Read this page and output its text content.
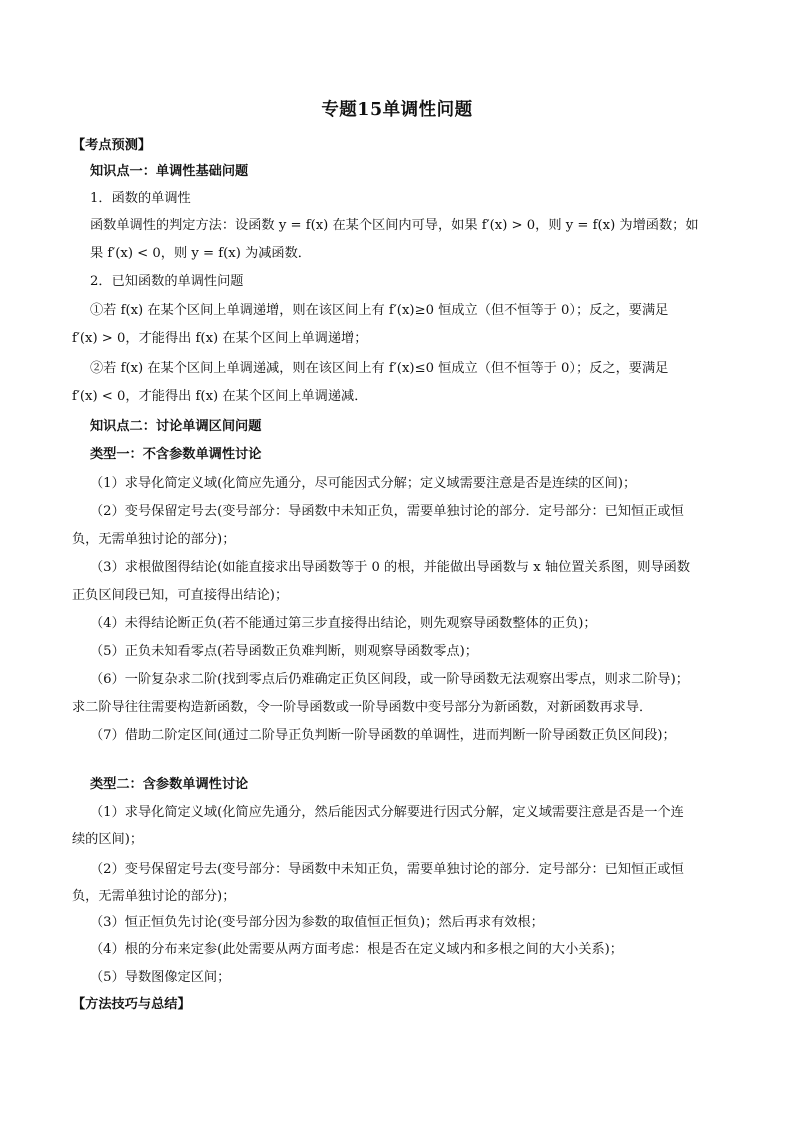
专题15单调性问题
【考点预测】
知识点一：单调性基础问题
1．函数的单调性
函数单调性的判定方法：设函数 y = f(x) 在某个区间内可导，如果 f′(x) > 0，则 y = f(x) 为增函数；如
果 f′(x) < 0，则 y = f(x) 为减函数．
2．已知函数的单调性问题
①若 f(x) 在某个区间上单调递增，则在该区间上有 f′(x)≥0 恒成立（但不恒等于 0）；反之，要满足
f′(x) > 0，才能得出 f(x) 在某个区间上单调递增；
②若 f(x) 在某个区间上单调递减，则在该区间上有 f′(x)≤0 恒成立（但不恒等于 0）；反之，要满足
f′(x) < 0，才能得出 f(x) 在某个区间上单调递减．
知识点二：讨论单调区间问题
类型一：不含参数单调性讨论
（1）求导化简定义域(化简应先通分，尽可能因式分解；定义域需要注意是否是连续的区间)；
（2）变号保留定号去(变号部分：导函数中未知正负，需要单独讨论的部分．定号部分：已知恒正或恒
负，无需单独讨论的部分)；
（3）求根做图得结论(如能直接求出导函数等于 0 的根，并能做出导函数与 x 轴位置关系图，则导函数
正负区间段已知，可直接得出结论)；
（4）未得结论断正负(若不能通过第三步直接得出结论，则先观察导函数整体的正负)；
（5）正负未知看零点(若导函数正负难判断，则观察导函数零点)；
（6）一阶复杂求二阶(找到零点后仍难确定正负区间段，或一阶导函数无法观察出零点，则求二阶导)；
求二阶导往往需要构造新函数，令一阶导函数或一阶导函数中变号部分为新函数，对新函数再求导．
（7）借助二阶定区间(通过二阶导正负判断一阶导函数的单调性，进而判断一阶导函数正负区间段)；
类型二：含参数单调性讨论
（1）求导化简定义域(化简应先通分，然后能因式分解要进行因式分解，定义域需要注意是否是一个连
续的区间)；
（2）变号保留定号去(变号部分：导函数中未知正负，需要单独讨论的部分．定号部分：已知恒正或恒
负，无需单独讨论的部分)；
（3）恒正恒负先讨论(变号部分因为参数的取值恒正恒负)；然后再求有效根；
（4）根的分布来定参(此处需要从两方面考虑：根是否在定义域内和多根之间的大小关系)；
（5）导数图像定区间；
【方法技巧与总结】
